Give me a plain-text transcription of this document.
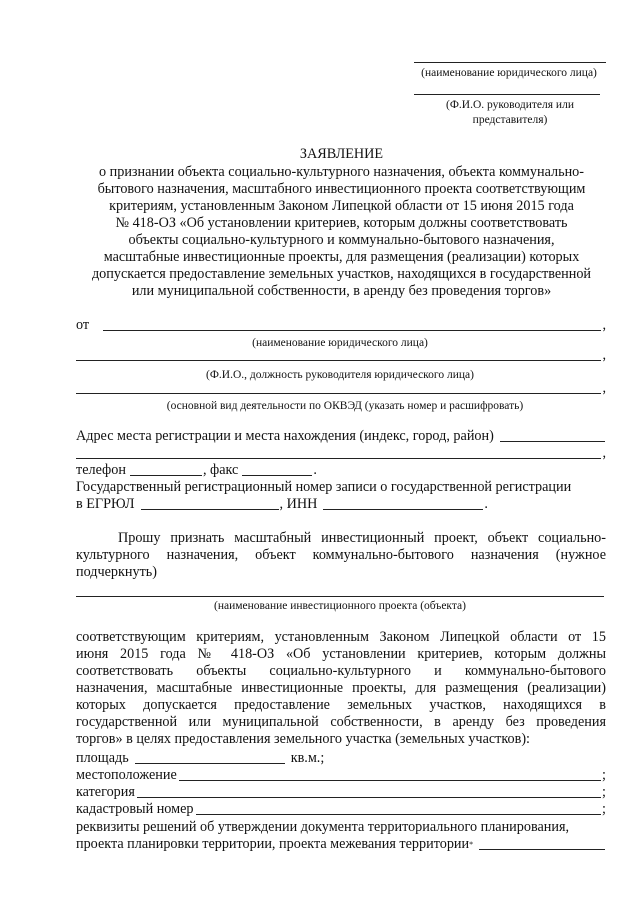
(наименование юридического лица)
(Ф.И.О. руководителя или
представителя)
ЗАЯВЛЕНИЕ
о признании объекта социально-культурного назначения, объекта коммунально-
бытового назначения, масштабного инвестиционного проекта соответствующим
критериям, установленным Законом Липецкой области от 15 июня 2015 года
№ 418-ОЗ «Об установлении критериев, которым должны соответствовать
объекты социально-культурного и коммунально-бытового назначения,
масштабные инвестиционные проекты, для размещения (реализации) которых
допускается предоставление земельных участков, находящихся в государственной
или муниципальной собственности, в аренду без проведения торгов»
от	,
(наименование юридического лица)
,
(Ф.И.О., должность руководителя юридического лица)
,
(основной вид деятельности по ОКВЭД (указать номер и расшифровать)
Адрес места регистрации и места нахождения (индекс, город, район)
,
телефон	, факс	.
Государственный регистрационный номер записи о государственной регистрации
в ЕГРЮЛ	, ИНН	.
Прошу признать масштабный инвестиционный проект, объект социально-
культурного назначения, объект коммунально-бытового назначения (нужное
подчеркнуть)
(наименование инвестиционного проекта (объекта)
соответствующим критериям, установленным Законом Липецкой области от 15
июня 2015 года № 418-ОЗ «Об установлении критериев, которым должны
соответствовать объекты социально-культурного и коммунально-бытового
назначения, масштабные инвестиционные проекты, для размещения (реализации)
которых допускается предоставление земельных участков, находящихся в
государственной или муниципальной собственности, в аренду без проведения
торгов» в целях предоставления земельного участка (земельных участков):
площадь	кв.м.;
местоположение	;
категория	;
кадастровый номер	;
реквизиты решений об утверждении документа территориального планирования,
проекта планировки территории, проекта межевания территории *
